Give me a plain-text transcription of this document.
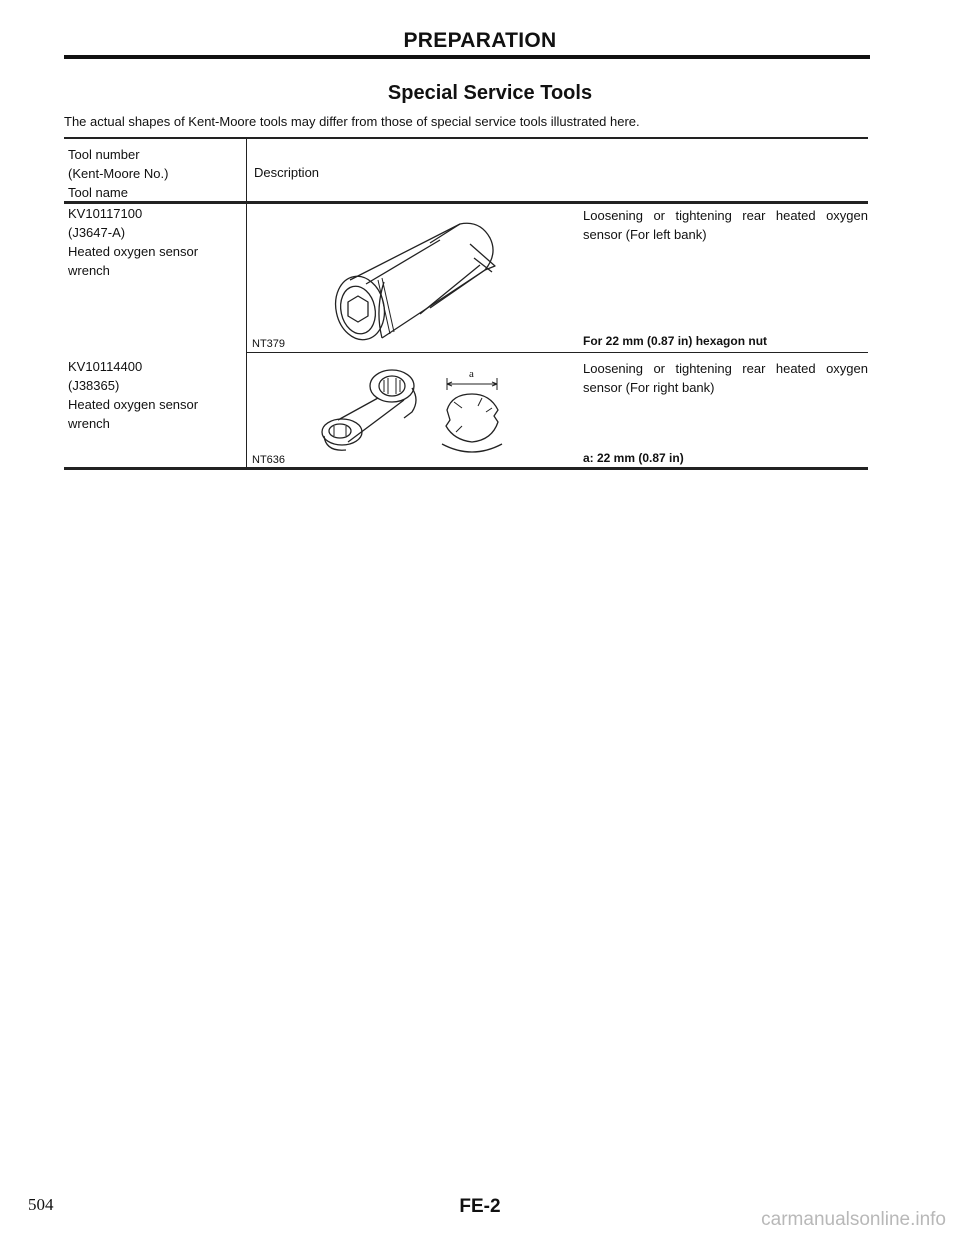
PREPARATION
Special Service Tools
The actual shapes of Kent-Moore tools may differ from those of special service tools illustrated here.
Tool number
(Kent-Moore No.)
Tool name
Description
KV10117100
(J3647-A)
Heated oxygen sensor
wrench
Loosening or tightening rear heated oxygen sensor (For left bank)
For 22 mm (0.87 in) hexagon nut
NT379
KV10114400
(J38365)
Heated oxygen sensor
wrench
Loosening or tightening rear heated oxygen sensor (For right bank)
a: 22 mm (0.87 in)
NT636
a
504	FE-2
carmanualsonline.info
